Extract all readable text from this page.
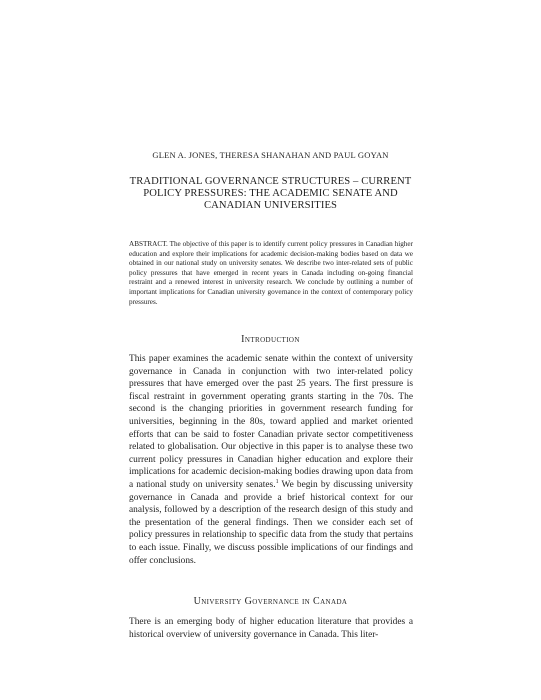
GLEN A. JONES, THERESA SHANAHAN AND PAUL GOYAN
TRADITIONAL GOVERNANCE STRUCTURES – CURRENT POLICY PRESSURES: THE ACADEMIC SENATE AND CANADIAN UNIVERSITIES
ABSTRACT. The objective of this paper is to identify current policy pressures in Canadian higher education and explore their implications for academic decision-making bodies based on data we obtained in our national study on university senates. We describe two inter-related sets of public policy pressures that have emerged in recent years in Canada including on-going financial restraint and a renewed interest in university research. We conclude by outlining a number of important implications for Canadian university governance in the context of contemporary policy pressures.
Introduction
This paper examines the academic senate within the context of university governance in Canada in conjunction with two inter-related policy pressures that have emerged over the past 25 years. The first pressure is fiscal restraint in government operating grants starting in the 70s. The second is the changing priorities in government research funding for universities, beginning in the 80s, toward applied and market oriented efforts that can be said to foster Canadian private sector competitiveness related to globalisation. Our objective in this paper is to analyse these two current policy pressures in Canadian higher education and explore their implications for academic decision-making bodies drawing upon data from a national study on university senates.$^1$ We begin by discussing university governance in Canada and provide a brief historical context for our analysis, followed by a description of the research design of this study and the presentation of the general findings. Then we consider each set of policy pressures in relationship to specific data from the study that pertains to each issue. Finally, we discuss possible implications of our findings and offer conclusions.
University Governance in Canada
There is an emerging body of higher education literature that provides a historical overview of university governance in Canada. This liter-
